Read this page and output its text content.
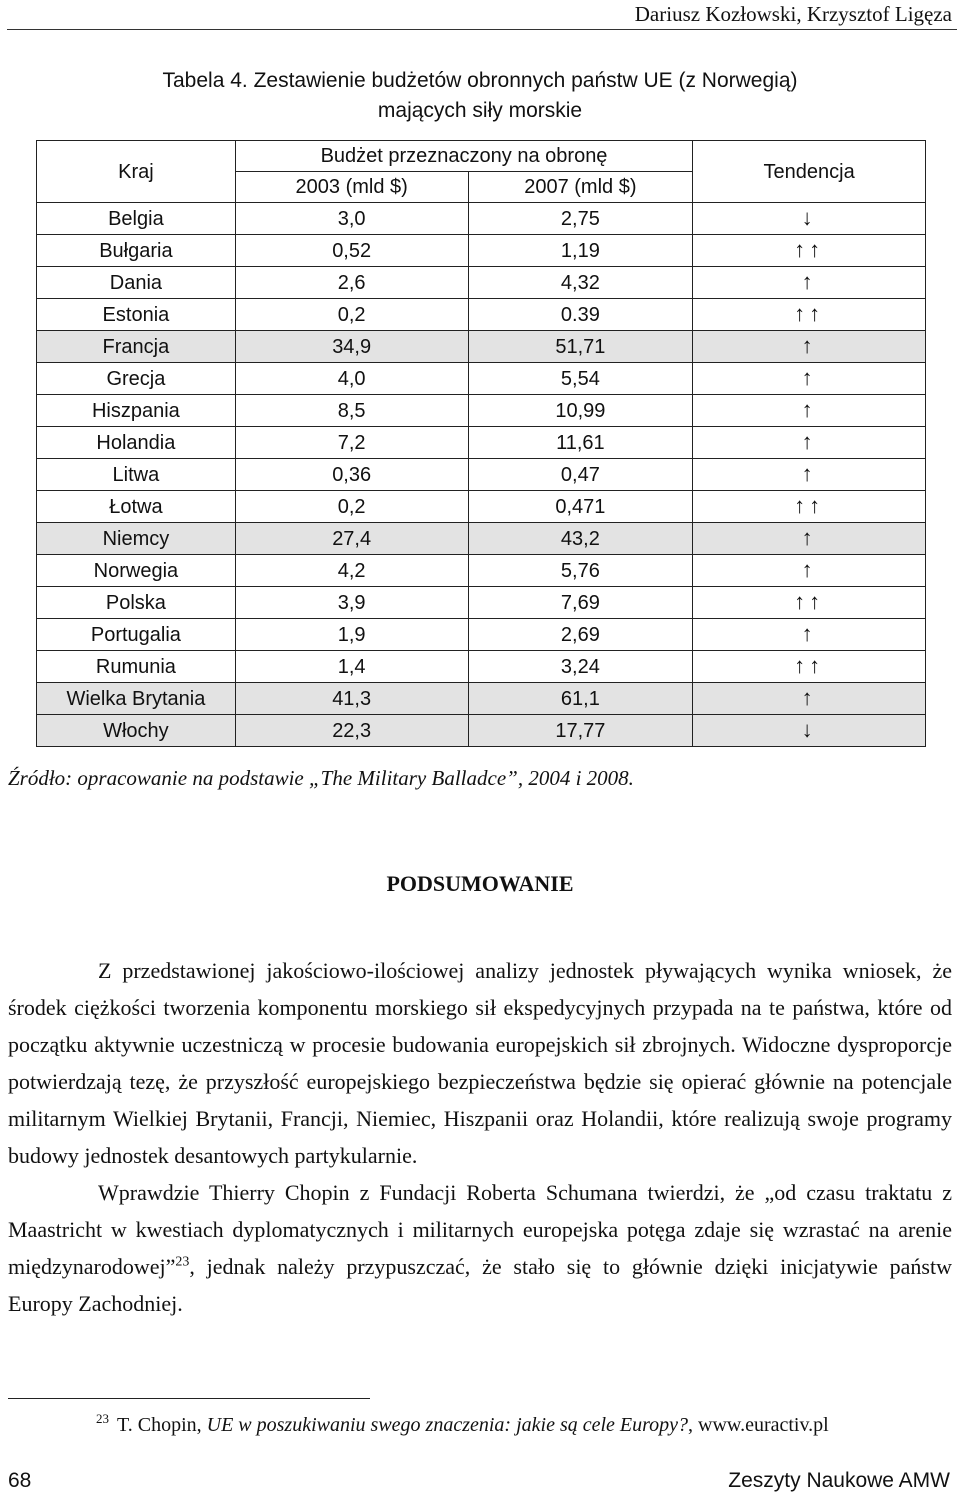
Dariusz Kozłowski, Krzysztof Ligęza
Tabela 4. Zestawienie budżetów obronnych państw UE (z Norwegią)
mających siły morskie
Kraj	Budżet przeznaczony na obronę		Tendencja
	2003 (mld $)	2007 (mld $)	
Belgia	3,0	2,75	↓
Bułgaria	0,52	1,19	↑↑
Dania	2,6	4,32	↑
Estonia	0,2	0.39	↑↑
Francja	34,9	51,71	↑
Grecja	4,0	5,54	↑
Hiszpania	8,5	10,99	↑
Holandia	7,2	11,61	↑
Litwa	0,36	0,47	↑
Łotwa	0,2	0,471	↑↑
Niemcy	27,4	43,2	↑
Norwegia	4,2	5,76	↑
Polska	3,9	7,69	↑↑
Portugalia	1,9	2,69	↑
Rumunia	1,4	3,24	↑↑
Wielka Brytania	41,3	61,1	↑
Włochy	22,3	17,77	↓
Źródło: opracowanie na podstawie „The Military Balladce”, 2004 i 2008.
PODSUMOWANIE

Z przedstawionej jakościowo-ilościowej analizy jednostek pływających wynika wniosek, że środek ciężkości tworzenia komponentu morskiego sił ekspedycyjnych przypada na te państwa, które od początku aktywnie uczestniczą w procesie budowania europejskich sił zbrojnych. Widoczne dysproporcje potwierdzają tezę, że przyszłość europejskiego bezpieczeństwa będzie się opierać głównie na potencjale militarnym Wielkiej Brytanii, Francji, Niemiec, Hiszpanii oraz Holandii, które realizują swoje programy budowy jednostek desantowych partykularnie.

Wprawdzie Thierry Chopin z Fundacji Roberta Schumana twierdzi, że „od czasu traktatu z Maastricht w kwestiach dyplomatycznych i militarnych europejska potęga zdaje się wzrastać na arenie międzynarodowej”$^{23}$, jednak należy przypuszczać, że stało się to głównie dzięki inicjatywie państw Europy Zachodniej.

$^{23}$ T. Chopin, UE w poszukiwaniu swego znaczenia: jakie są cele Europy?, www.euractiv.pl
68	Zeszyty Naukowe AMW
